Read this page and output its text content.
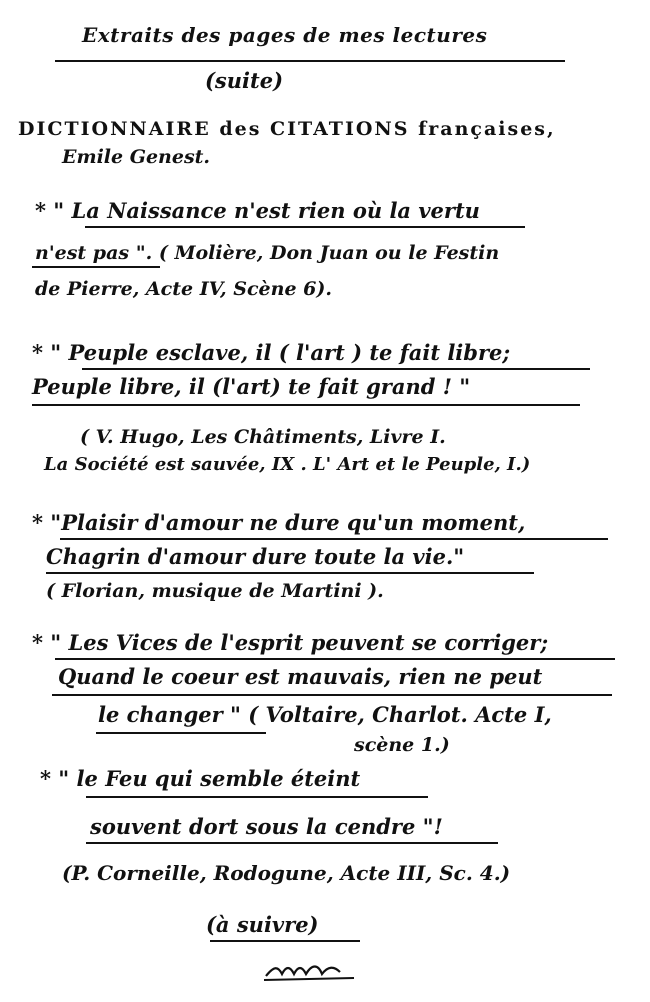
Extraits des pages de mes lectures
(suite)
DICTIONNAIRE des CITATIONS françaises,
Emile Genest.
* " La Naissance n'est rien où la vertu
n'est pas ". ( Molière, Don Juan ou le Festin
de Pierre, Acte IV, Scène 6).
* " Peuple esclave, il ( l'art ) te fait libre;
Peuple libre, il (l'art) te fait grand ! "
( V. Hugo, Les Châtiments, Livre I.
La Société est sauvée, IX . L' Art et le Peuple, I.)
* "Plaisir d'amour ne dure qu'un moment,
Chagrin d'amour dure toute la vie."
( Florian, musique de Martini ).
* " Les Vices de l'esprit peuvent se corriger;
Quand le coeur est mauvais, rien ne peut
le changer " ( Voltaire, Charlot. Acte I,
scène 1.)
* " le Feu qui semble éteint
souvent dort sous la cendre "!
(P. Corneille, Rodogune, Acte III, Sc. 4.)
(à suivre)
